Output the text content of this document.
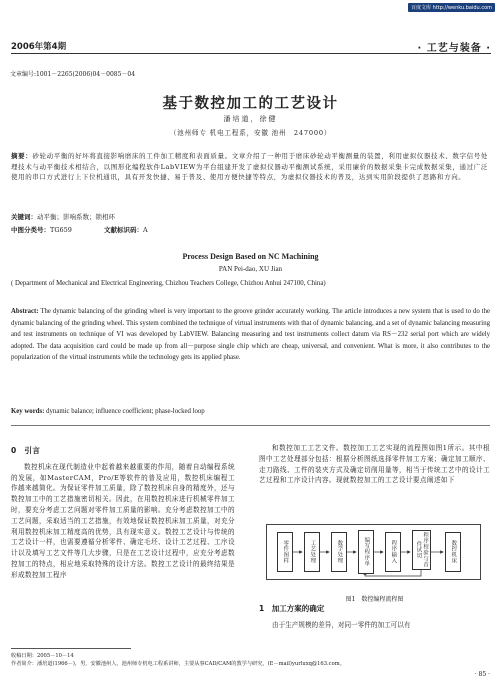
百度文库 http://wenku.baidu.com
2006年第4期	· 工艺与装备 ·
文章编号:1001－2265(2006)04－0085－04
基于数控加工的工艺设计
潘培道，徐健
（池州师专 机电工程系，安徽 池州　247000）
摘要：砂轮动平衡的好坏将直接影响磨床的工件加工精度和表面质量。文章介绍了一种用于磨床砂轮动平衡测量的装置，利用虚拟仪器技术、数字信号处理技术与动平衡技术相结合，以图形化编程软件LabVIEW为平台组建开发了虚拟仪器动平衡测试系统，采用廉价的数据采集卡完成数据采集，通过广泛使用的串口方式进行上下位机通讯，具有开发快捷、易于普及、使用方便快捷等特点，为虚拟仪器技术的普及，达到实用阶段提供了思路和方向。
关键词：动平衡；影响系数；锁相环
中图分类号：TG659	文献标识码：A
Process Design Based on NC Machining
PAN Pei-dao, XU Jian
( Department of Mechanical and Electrical Engineering, Chizhou Teachers College, Chizhou Anhui 247100, China)
Abstract: The dynamic balancing of the grinding wheel is very important to the groove grinder accurately working. The article introduces a new system that is used to do the dynamic balancing of the grinding wheel. This system combined the technique of virtual instruments with that of dynamic balancing, and a set of dynamic balancing measuring and test instruments on technique of VI was developed by LabVIEW. Balancing measuring and test instruments collect datum via RS－232 serial port which are widely adopted. The data acquisition card could be made up from all－purpose single chip which are cheap, universal, and convenient. What is more, it also contributes to the popularization of the virtual instruments while the technology gets its applied phase.
Key words: dynamic balance; influence coefficient; phase-locked loop
0　引言
数控机床在现代制造业中起着越来越重要的作用，随着自动编程系统的发展，如MasterCAM，Pro/E等软件的普及应用，数控机床编程工作越来越简化。为保证零件加工质量，除了数控机床自身的精度外，还与数控加工中的工艺措施密切相关。因此，在用数控机床进行机械零件加工时，要充分考虑工艺问题对零件加工质量的影响。充分考虑数控加工中的工艺问题，采取适当的工艺措施，有效地保证数控机床加工质量，对充分利用数控机床加工精度高的优势，具有现实意义。数控工艺设计与传统的工艺设计一样，也需要遵循分析零件、确定毛坯、设计工艺过程、工序设计以及填写工艺文件等几大步骤，只是在工艺设计过程中，应充分考虑数控加工的特点，相应地采取特殊的设计方法。数控工艺设计的最终结果是形成数控加工程序
和数控加工工艺文件。数控加工工艺实现的流程图如图1所示。其中根图中工艺处理部分包括：根据分析图纸选择零件加工方案；确定加工顺序、走刀路线、工件的装夹方式及确定切削用量等，相当于传统工艺中的设计工艺过程和工序设计内容。现就数控加工的工艺设计要点阐述如下
零件图样	工艺处理	数学处理	编写程序单	程序输入	程序校验与首件试切	数控机床
图1　数控编程流程图
1　加工方案的确定
由于生产规模的差异，对同一零件的加工可以有
收稿日期：2005－10－14
作者简介：潘培道(1966－)，男，安徽池州人，池州师专机电工程系讲师，主要从事CAD/CAM的教学与研究，(E－mail)yurluxq@163.com。
· 85 ·
